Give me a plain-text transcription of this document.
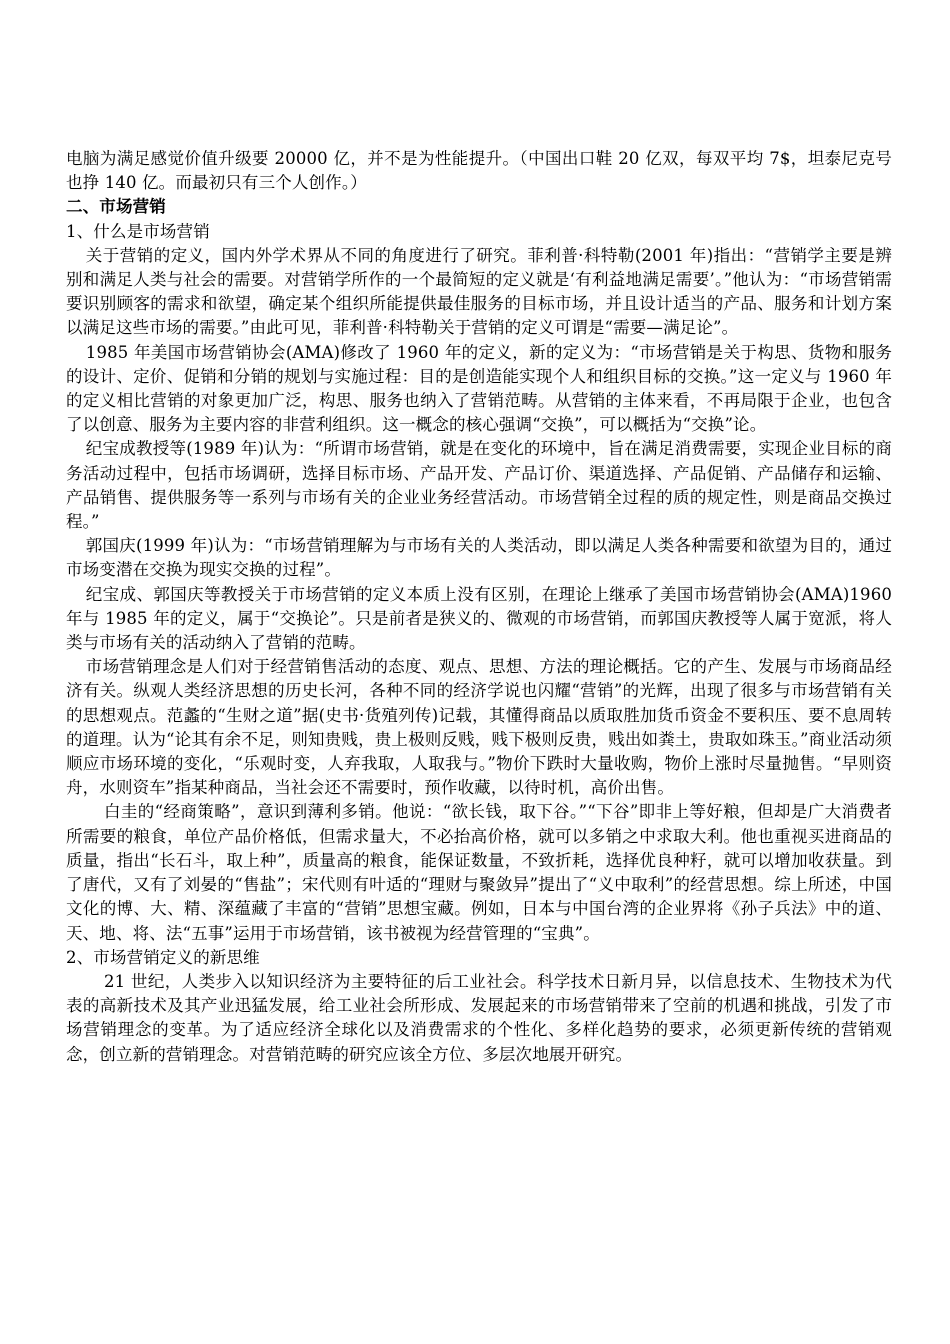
电脑为满足感觉价值升级要 20000 亿，并不是为性能提升。（中国出口鞋 20 亿双，每双平均 7$，坦泰尼克号也挣 140 亿。而最初只有三个人创作。）

二、市场营销

1、什么是市场营销

关于营销的定义，国内外学术界从不同的角度进行了研究。菲利普·科特勒(2001 年)指出：“营销学主要是辨别和满足人类与社会的需要。对营销学所作的一个最简短的定义就是‘有利益地满足需要’。”他认为：“市场营销需要识别顾客的需求和欲望，确定某个组织所能提供最佳服务的目标市场，并且设计适当的产品、服务和计划方案以满足这些市场的需要。”由此可见，菲利普·科特勒关于营销的定义可谓是“需要—满足论”。

1985 年美国市场营销协会(AMA)修改了 1960 年的定义，新的定义为：“市场营销是关于构思、货物和服务的设计、定价、促销和分销的规划与实施过程：目的是创造能实现个人和组织目标的交换。”这一定义与 1960 年的定义相比营销的对象更加广泛，构思、服务也纳入了营销范畴。从营销的主体来看，不再局限于企业，也包含了以创意、服务为主要内容的非营利组织。这一概念的核心强调“交换”，可以概括为“交换”论。

纪宝成教授等(1989 年)认为：“所谓市场营销，就是在变化的环境中，旨在满足消费需要，实现企业目标的商务活动过程中，包括市场调研，选择目标市场、产品开发、产品订价、渠道选择、产品促销、产品储存和运输、产品销售、提供服务等一系列与市场有关的企业业务经营活动。市场营销全过程的质的规定性，则是商品交换过程。”

郭国庆(1999 年)认为：“市场营销理解为与市场有关的人类活动，即以满足人类各种需要和欲望为目的，通过市场变潜在交换为现实交换的过程”。

纪宝成、郭国庆等教授关于市场营销的定义本质上没有区别，在理论上继承了美国市场营销协会(AMA)1960 年与 1985 年的定义，属于“交换论”。只是前者是狭义的、微观的市场营销，而郭国庆教授等人属于宽派，将人类与市场有关的活动纳入了营销的范畴。

市场营销理念是人们对于经营销售活动的态度、观点、思想、方法的理论概括。它的产生、发展与市场商品经济有关。纵观人类经济思想的历史长河，各种不同的经济学说也闪耀“营销”的光辉，出现了很多与市场营销有关的思想观点。范蠡的“生财之道”据(史书·货殖列传)记载，其懂得商品以质取胜加货币资金不要积压、要不息周转的道理。认为“论其有余不足，则知贵贱，贵上极则反贱，贱下极则反贵，贱出如粪土，贵取如珠玉。”商业活动须顺应市场环境的变化，“乐观时变，人弃我取，人取我与。”物价下跌时大量收购，物价上涨时尽量抛售。“早则资舟，水则资车”指某种商品，当社会还不需要时，预作收藏，以待时机，高价出售。

白圭的“经商策略”，意识到薄利多销。他说：“欲长钱，取下谷。”“下谷”即非上等好粮，但却是广大消费者所需要的粮食，单位产品价格低，但需求量大，不必抬高价格，就可以多销之中求取大利。他也重视买进商品的质量，指出“长石斗，取上种”，质量高的粮食，能保证数量，不致折耗，选择优良种籽，就可以增加收获量。到了唐代，又有了刘晏的“售盐”；宋代则有叶适的“理财与聚敛异”提出了“义中取利”的经营思想。综上所述，中国文化的博、大、精、深蕴藏了丰富的“营销”思想宝藏。例如，日本与中国台湾的企业界将《孙子兵法》中的道、天、地、将、法“五事”运用于市场营销，该书被视为经营管理的“宝典”。

2、市场营销定义的新思维

21 世纪，人类步入以知识经济为主要特征的后工业社会。科学技术日新月异，以信息技术、生物技术为代表的高新技术及其产业迅猛发展，给工业社会所形成、发展起来的市场营销带来了空前的机遇和挑战，引发了市场营销理念的变革。为了适应经济全球化以及消费需求的个性化、多样化趋势的要求，必须更新传统的营销观念，创立新的营销理念。对营销范畴的研究应该全方位、多层次地展开研究。
